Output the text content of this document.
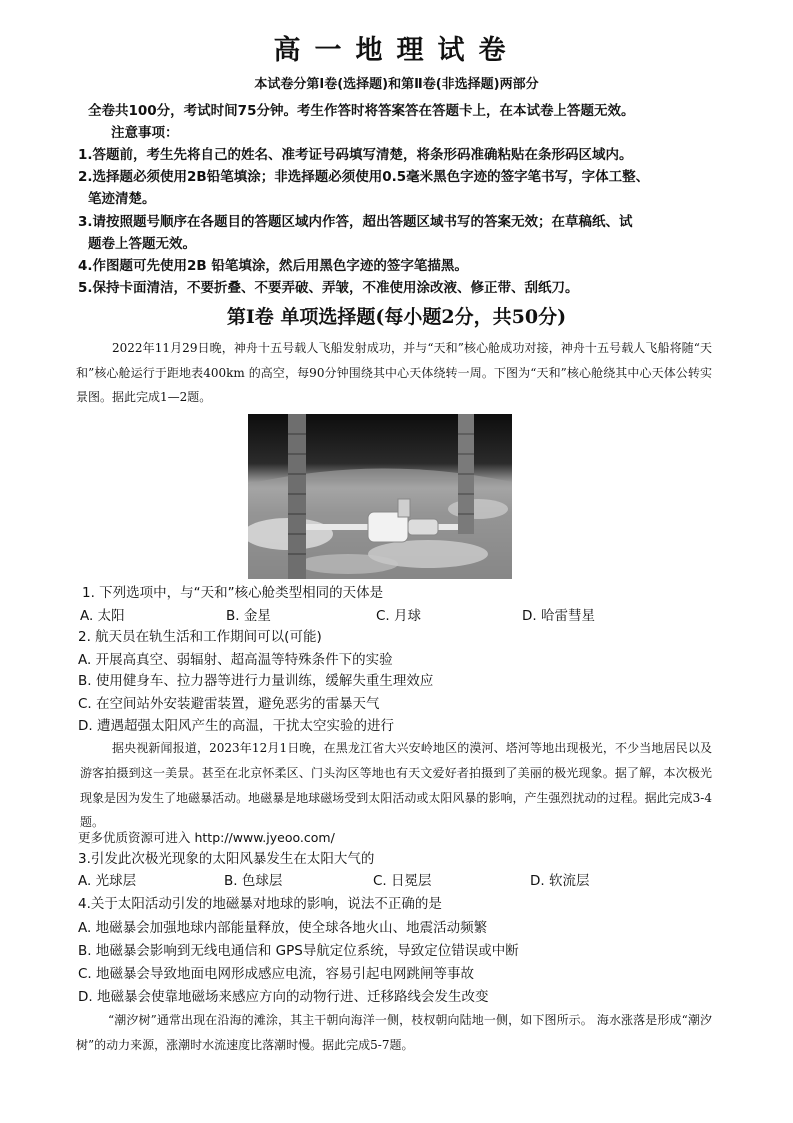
高一地理试卷
本试卷分第Ⅰ卷(选择题)和第Ⅱ卷(非选择题)两部分
全卷共100分，考试时间75分钟。考生作答时将答案答在答题卡上，在本试卷上答题无效。
注意事项：
1.答题前，考生先将自己的姓名、准考证号码填写清楚，将条形码准确粘贴在条形码区域内。
2.选择题必须使用2B铅笔填涂；非选择题必须使用0.5毫米黑色字迹的签字笔书写，字体工整、
笔迹清楚。
3.请按照题号顺序在各题目的答题区域内作答，超出答题区域书写的答案无效；在草稿纸、试
题卷上答题无效。
4.作图题可先使用2B 铅笔填涂，然后用黑色字迹的签字笔描黑。
5.保持卡面清洁，不要折叠、不要弄破、弄皱，不准使用涂改液、修正带、刮纸刀。
第Ⅰ卷 单项选择题(每小题2分，共50分)

2022年11月29日晚，神舟十五号载人飞船发射成功，并与“天和”核心舱成功对接，神舟十五号载人飞船将随“天和”核心舱运行于距地表400km 的高空，每90分钟围绕其中心天体绕转一周。下图为“天和”核心舱绕其中心天体公转实景图。据此完成1—2题。

1. 下列选项中，与“天和”核心舱类型相同的天体是
A. 太阳	B. 金星	C. 月球	D. 哈雷彗星
2. 航天员在轨生活和工作期间可以(可能)
A. 开展高真空、弱辐射、超高温等特殊条件下的实验
B. 使用健身车、拉力器等进行力量训练，缓解失重生理效应
C. 在空间站外安装避雷装置，避免恶劣的雷暴天气
D. 遭遇超强太阳风产生的高温，干扰太空实验的进行

据央视新闻报道，2023年12月1日晚，在黑龙江省大兴安岭地区的漠河、塔河等地出现极光，不少当地居民以及游客拍摄到这一美景。甚至在北京怀柔区、门头沟区等地也有天文爱好者拍摄到了美丽的极光现象。据了解，本次极光现象是因为发生了地磁暴活动。地磁暴是地球磁场受到太阳活动或太阳风暴的影响，产生强烈扰动的过程。据此完成3-4题。

更多优质资源可进入 http://www.jyeoo.com/
3.引发此次极光现象的太阳风暴发生在太阳大气的
A. 光球层	B. 色球层	C. 日冕层	D. 软流层
4.关于太阳活动引发的地磁暴对地球的影响，说法不正确的是
A. 地磁暴会加强地球内部能量释放，使全球各地火山、地震活动频繁
B. 地磁暴会影响到无线电通信和 GPS导航定位系统，导致定位错误或中断
C. 地磁暴会导致地面电网形成感应电流，容易引起电网跳闸等事故
D. 地磁暴会使靠地磁场来感应方向的动物行进、迁移路线会发生改变

“潮汐树”通常出现在沿海的滩涂，其主干朝向海洋一侧，枝杈朝向陆地一侧，如下图所示。 海水涨落是形成“潮汐树”的动力来源，涨潮时水流速度比落潮时慢。据此完成5-7题。
